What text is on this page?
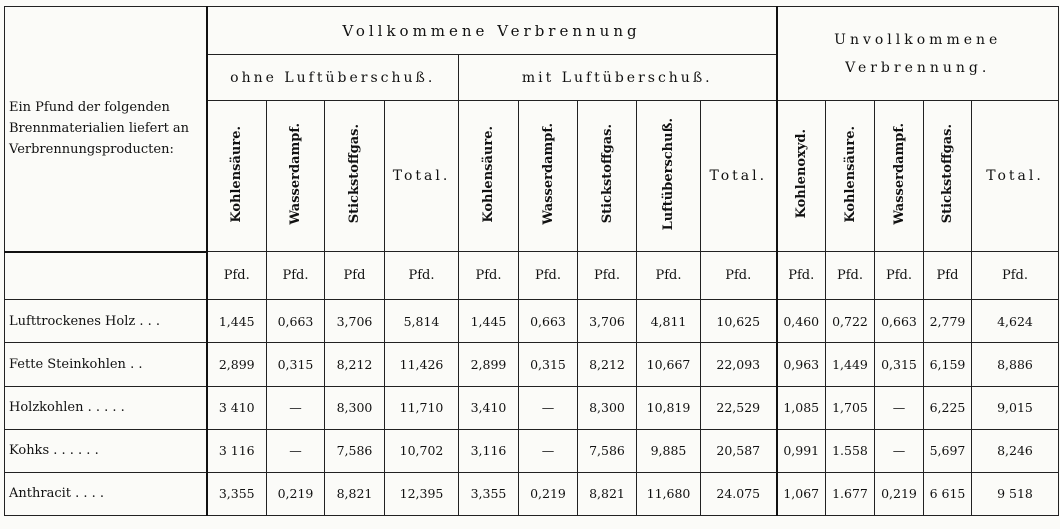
Ein Pfund der folgenden Brennmaterialien liefert an Verbrennungsproducten:	Vollkommene Verbrennung									Unvollkommene Verbrennung.				
	ohne Luftüberschuß.				mit Luftüberschuß.									
	Kohlensäure.	Wasserdampf.	Stickstoffgas.	Total.	Kohlensäure.	Wasserdampf.	Stickstoffgas.	Luftüberschuß.	Total.	Kohlenoxyd.	Kohlensäure.	Wasserdampf.	Stickstoffgas.	Total.
	Pfd.	Pfd.	Pfd	Pfd.	Pfd.	Pfd.	Pfd.	Pfd.	Pfd.	Pfd.	Pfd.	Pfd.	Pfd	Pfd.
Lufttrockenes Holz . . .	1,445	0,663	3,706	5,814	1,445	0,663	3,706	4,811	10,625	0,460	0,722	0,663	2,779	4,624
Fette Steinkohlen . .	2,899	0,315	8,212	11,426	2,899	0,315	8,212	10,667	22,093	0,963	1,449	0,315	6,159	8,886
Holzkohlen . . . . .	3 410	—	8,300	11,710	3,410	—	8,300	10,819	22,529	1,085	1,705	—	6,225	9,015
Kohks . . . . . .	3 116	—	7,586	10,702	3,116	—	7,586	9,885	20,587	0,991	1.558	—	5,697	8,246
Anthracit . . . .	3,355	0,219	8,821	12,395	3,355	0,219	8,821	11,680	24.075	1,067	1.677	0,219	6 615	9 518
